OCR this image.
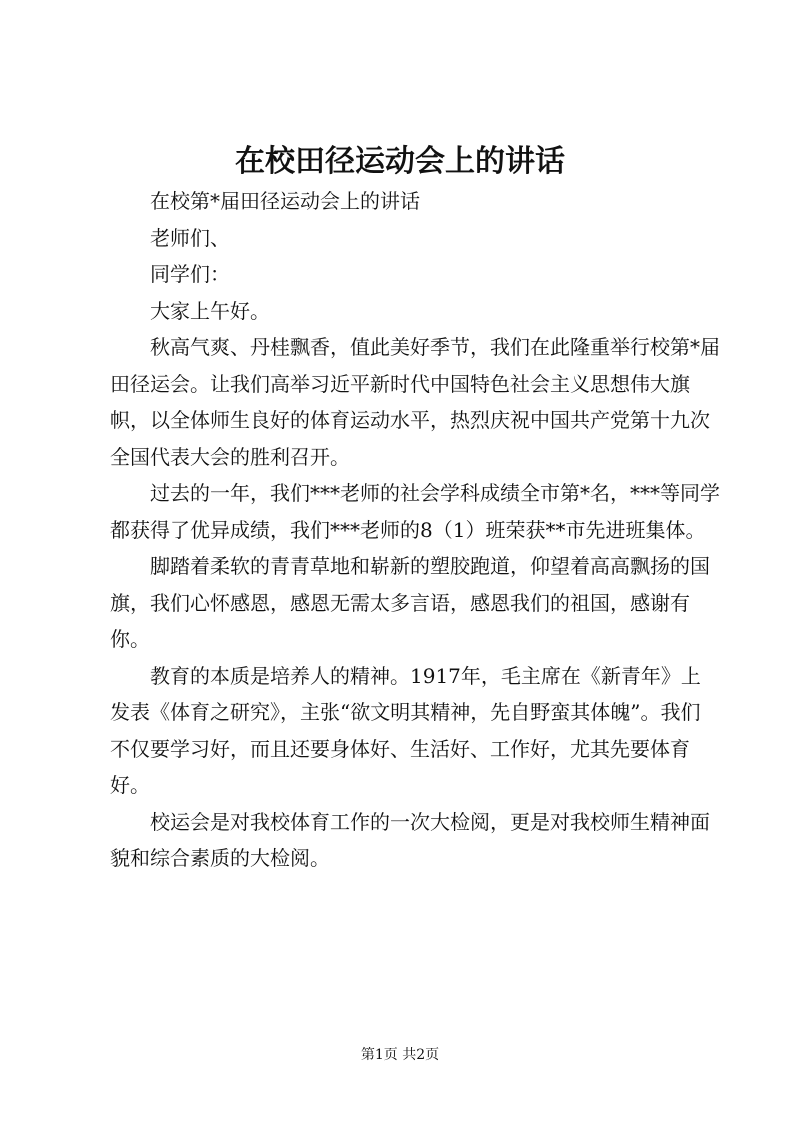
在校田径运动会上的讲话

在校第*届田径运动会上的讲话

老师们、

同学们：

大家上午好。

秋高气爽、丹桂飘香，值此美好季节，我们在此隆重举行校第*届田径运会。让我们高举习近平新时代中国特色社会主义思想伟大旗帜，以全体师生良好的体育运动水平，热烈庆祝中国共产党第十九次全国代表大会的胜利召开。

过去的一年，我们***老师的社会学科成绩全市第*名，***等同学都获得了优异成绩，我们***老师的8（1）班荣获**市先进班集体。

脚踏着柔软的青青草地和崭新的塑胶跑道，仰望着高高飘扬的国旗，我们心怀感恩，感恩无需太多言语，感恩我们的祖国，感谢有你。

教育的本质是培养人的精神。1917年，毛主席在《新青年》上发表《体育之研究》，主张“欲文明其精神，先自野蛮其体魄”。我们不仅要学习好，而且还要身体好、生活好、工作好，尤其先要体育好。

校运会是对我校体育工作的一次大检阅，更是对我校师生精神面貌和综合素质的大检阅。

第1页 共2页
